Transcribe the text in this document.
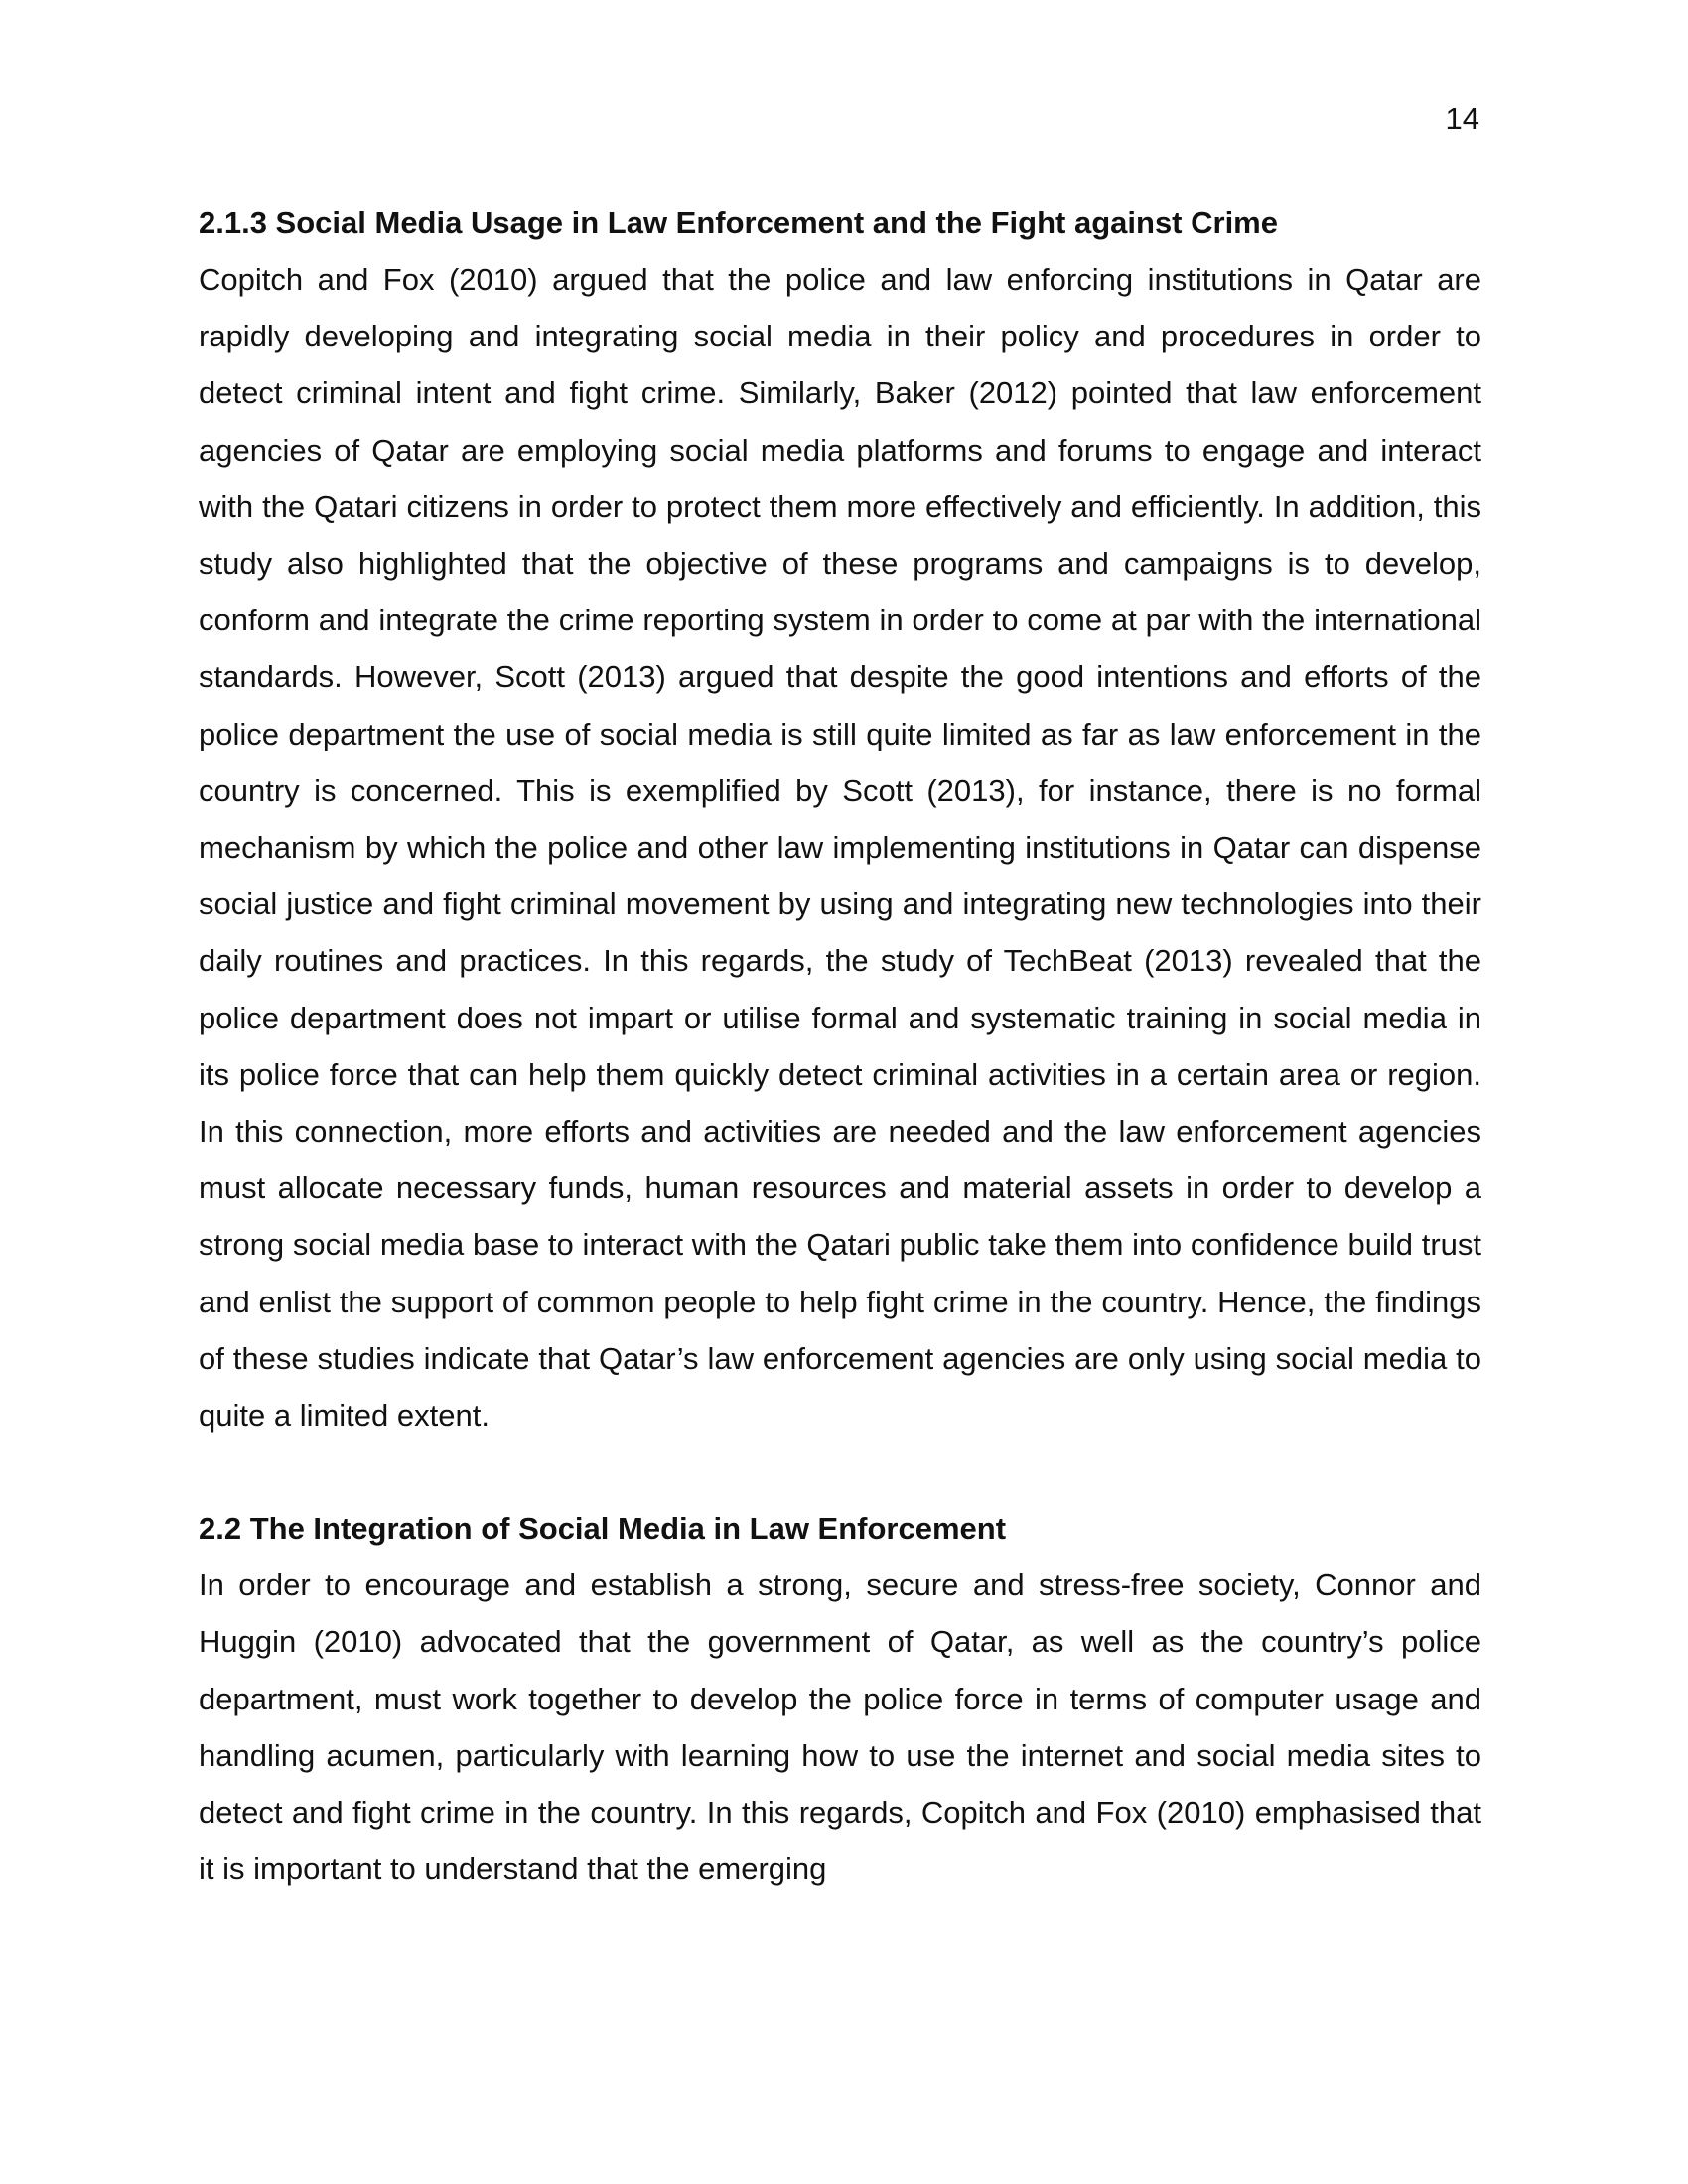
14
2.1.3 Social Media Usage in Law Enforcement and the Fight against Crime

Copitch and Fox (2010) argued that the police and law enforcing institutions in Qatar are rapidly developing and integrating social media in their policy and procedures in order to detect criminal intent and fight crime. Similarly, Baker (2012) pointed that law enforcement agencies of Qatar are employing social media platforms and forums to engage and interact with the Qatari citizens in order to protect them more effectively and efficiently. In addition, this study also highlighted that the objective of these programs and campaigns is to develop, conform and integrate the crime reporting system in order to come at par with the international standards. However, Scott (2013) argued that despite the good intentions and efforts of the police department the use of social media is still quite limited as far as law enforcement in the country is concerned. This is exemplified by Scott (2013), for instance, there is no formal mechanism by which the police and other law implementing institutions in Qatar can dispense social justice and fight criminal movement by using and integrating new technologies into their daily routines and practices. In this regards, the study of TechBeat (2013) revealed that the police department does not impart or utilise formal and systematic training in social media in its police force that can help them quickly detect criminal activities in a certain area or region. In this connection, more efforts and activities are needed and the law enforcement agencies must allocate necessary funds, human resources and material assets in order to develop a strong social media base to interact with the Qatari public take them into confidence build trust and enlist the support of common people to help fight crime in the country. Hence, the findings of these studies indicate that Qatar’s law enforcement agencies are only using social media to quite a limited extent.

2.2 The Integration of Social Media in Law Enforcement

In order to encourage and establish a strong, secure and stress-free society, Connor and Huggin (2010) advocated that the government of Qatar, as well as the country’s police department, must work together to develop the police force in terms of computer usage and handling acumen, particularly with learning how to use the internet and social media sites to detect and fight crime in the country. In this regards, Copitch and Fox (2010) emphasised that it is important to understand that the emerging
